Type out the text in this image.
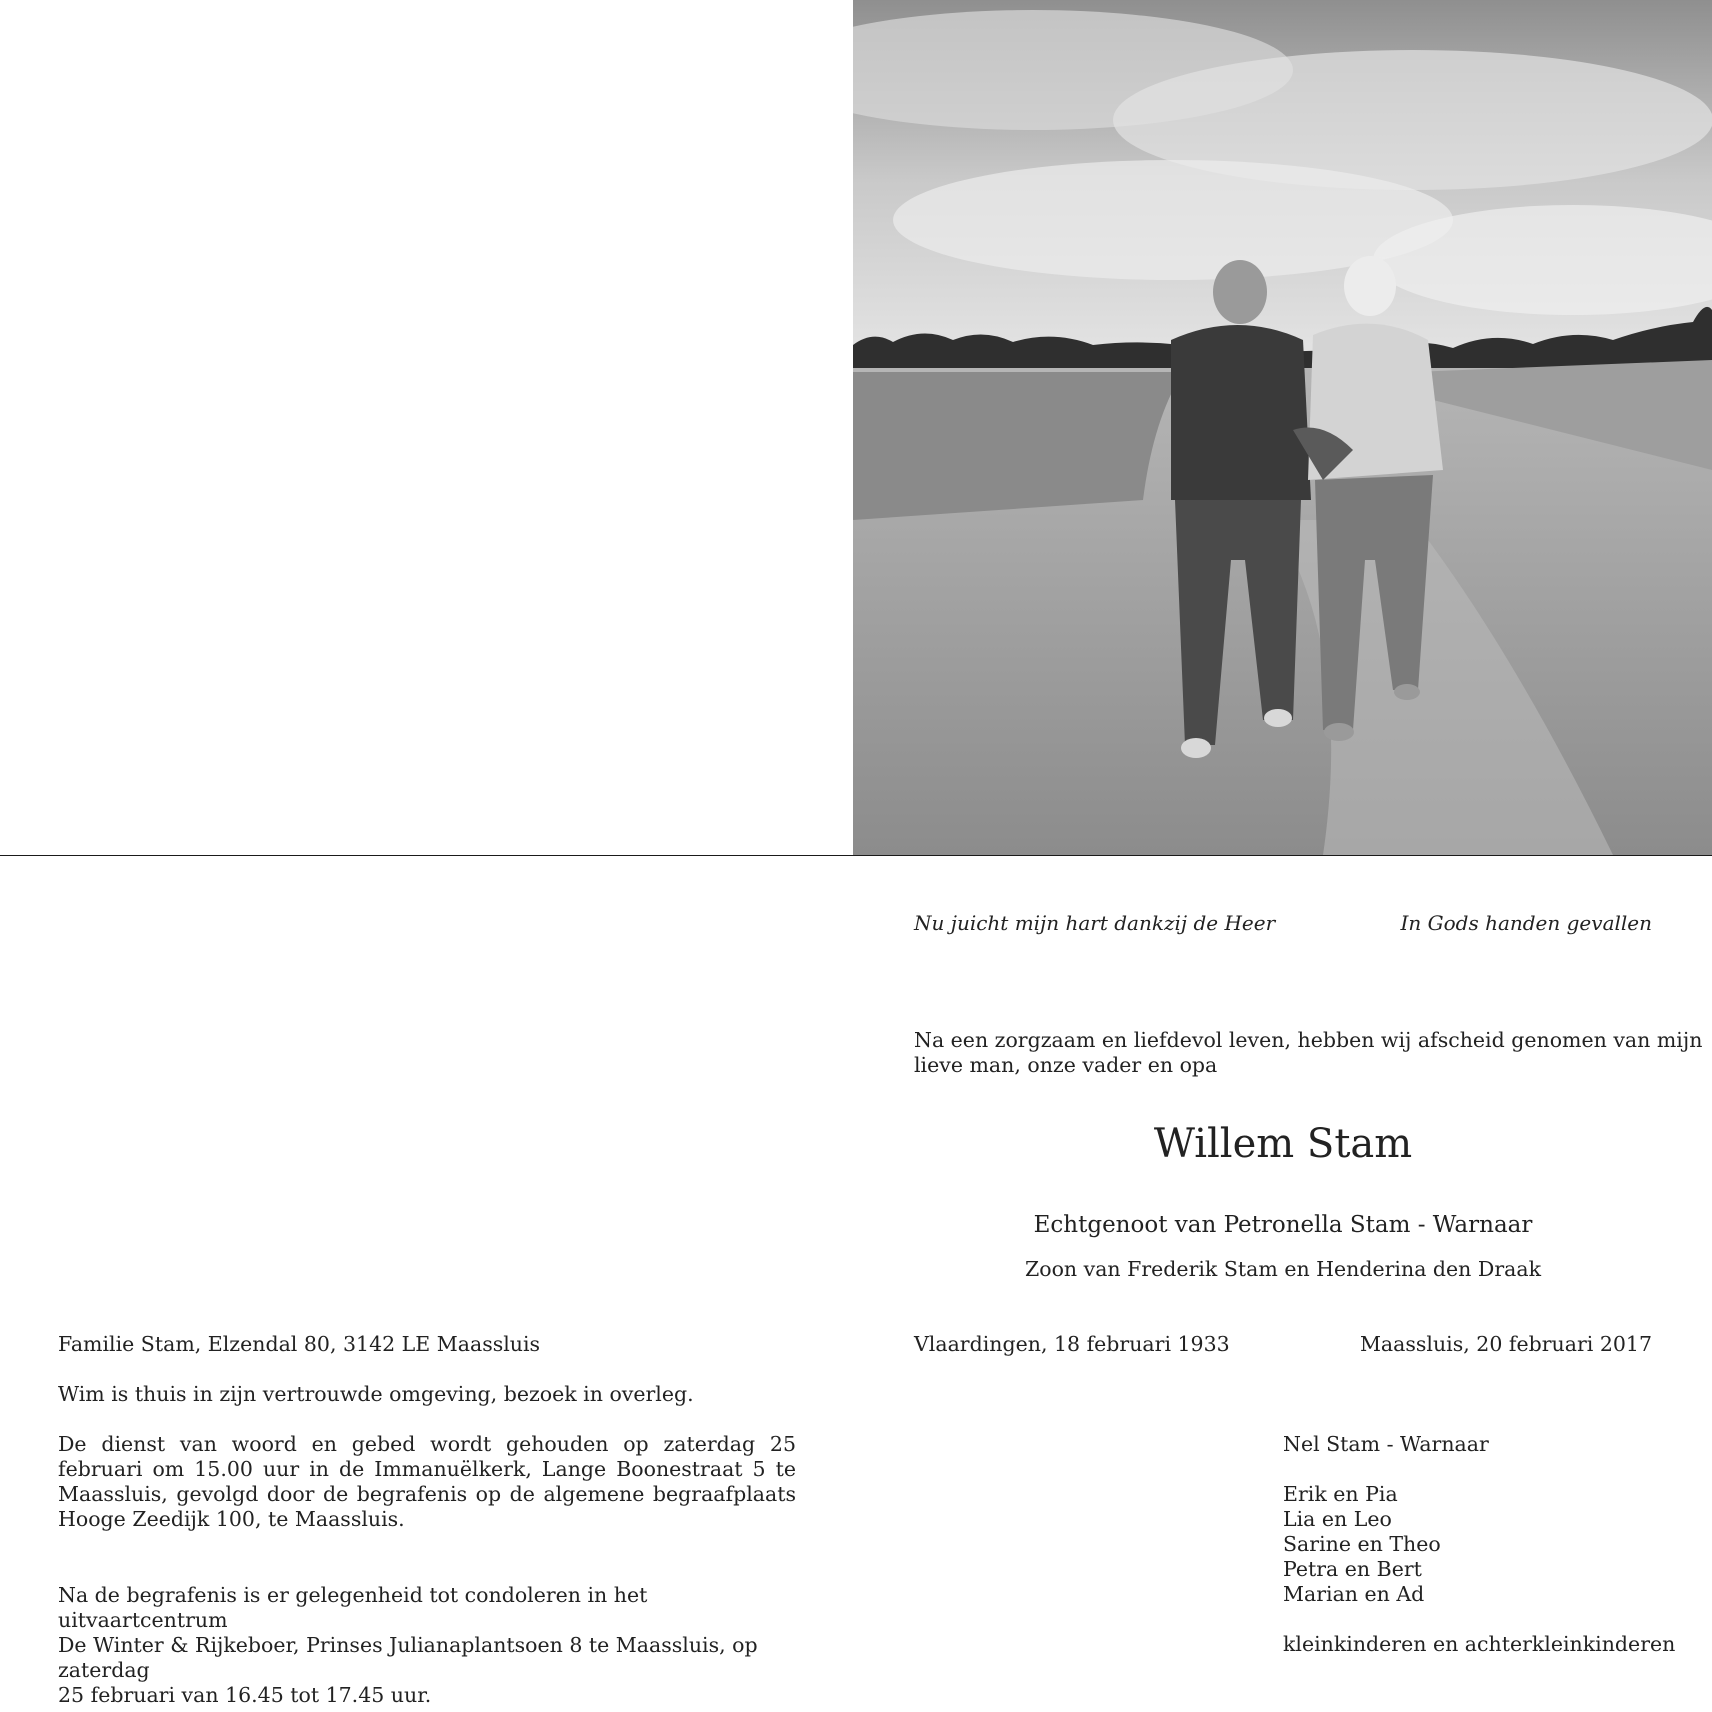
Nu juicht mijn hart dankzij de Heer	In Gods handen gevallen
Na een zorgzaam en liefdevol leven, hebben wij afscheid genomen van mijn
lieve man, onze vader en opa
Willem Stam
Echtgenoot van Petronella Stam - Warnaar
Zoon van Frederik Stam en Henderina den Draak
Vlaardingen, 18 februari 1933	Maassluis, 20 februari 2017
Nel Stam - Warnaar
Erik en Pia
Lia en Leo
Sarine en Theo
Petra en Bert
Marian en Ad
kleinkinderen en achterkleinkinderen
Familie Stam, Elzendal 80, 3142 LE Maassluis
Wim is thuis in zijn vertrouwde omgeving, bezoek in overleg.
De dienst van woord en gebed wordt gehouden op zaterdag 25 februari om 15.00 uur in de Immanuëlkerk, Lange Boonestraat 5 te Maassluis, gevolgd door de begrafenis op de algemene begraafplaats Hooge Zeedijk 100, te Maassluis.
Na de begrafenis is er gelegenheid tot condoleren in het uitvaartcentrum
De Winter & Rijkeboer, Prinses Julianaplantsoen 8 te Maassluis, op zaterdag
25 februari van 16.45 tot 17.45 uur.
